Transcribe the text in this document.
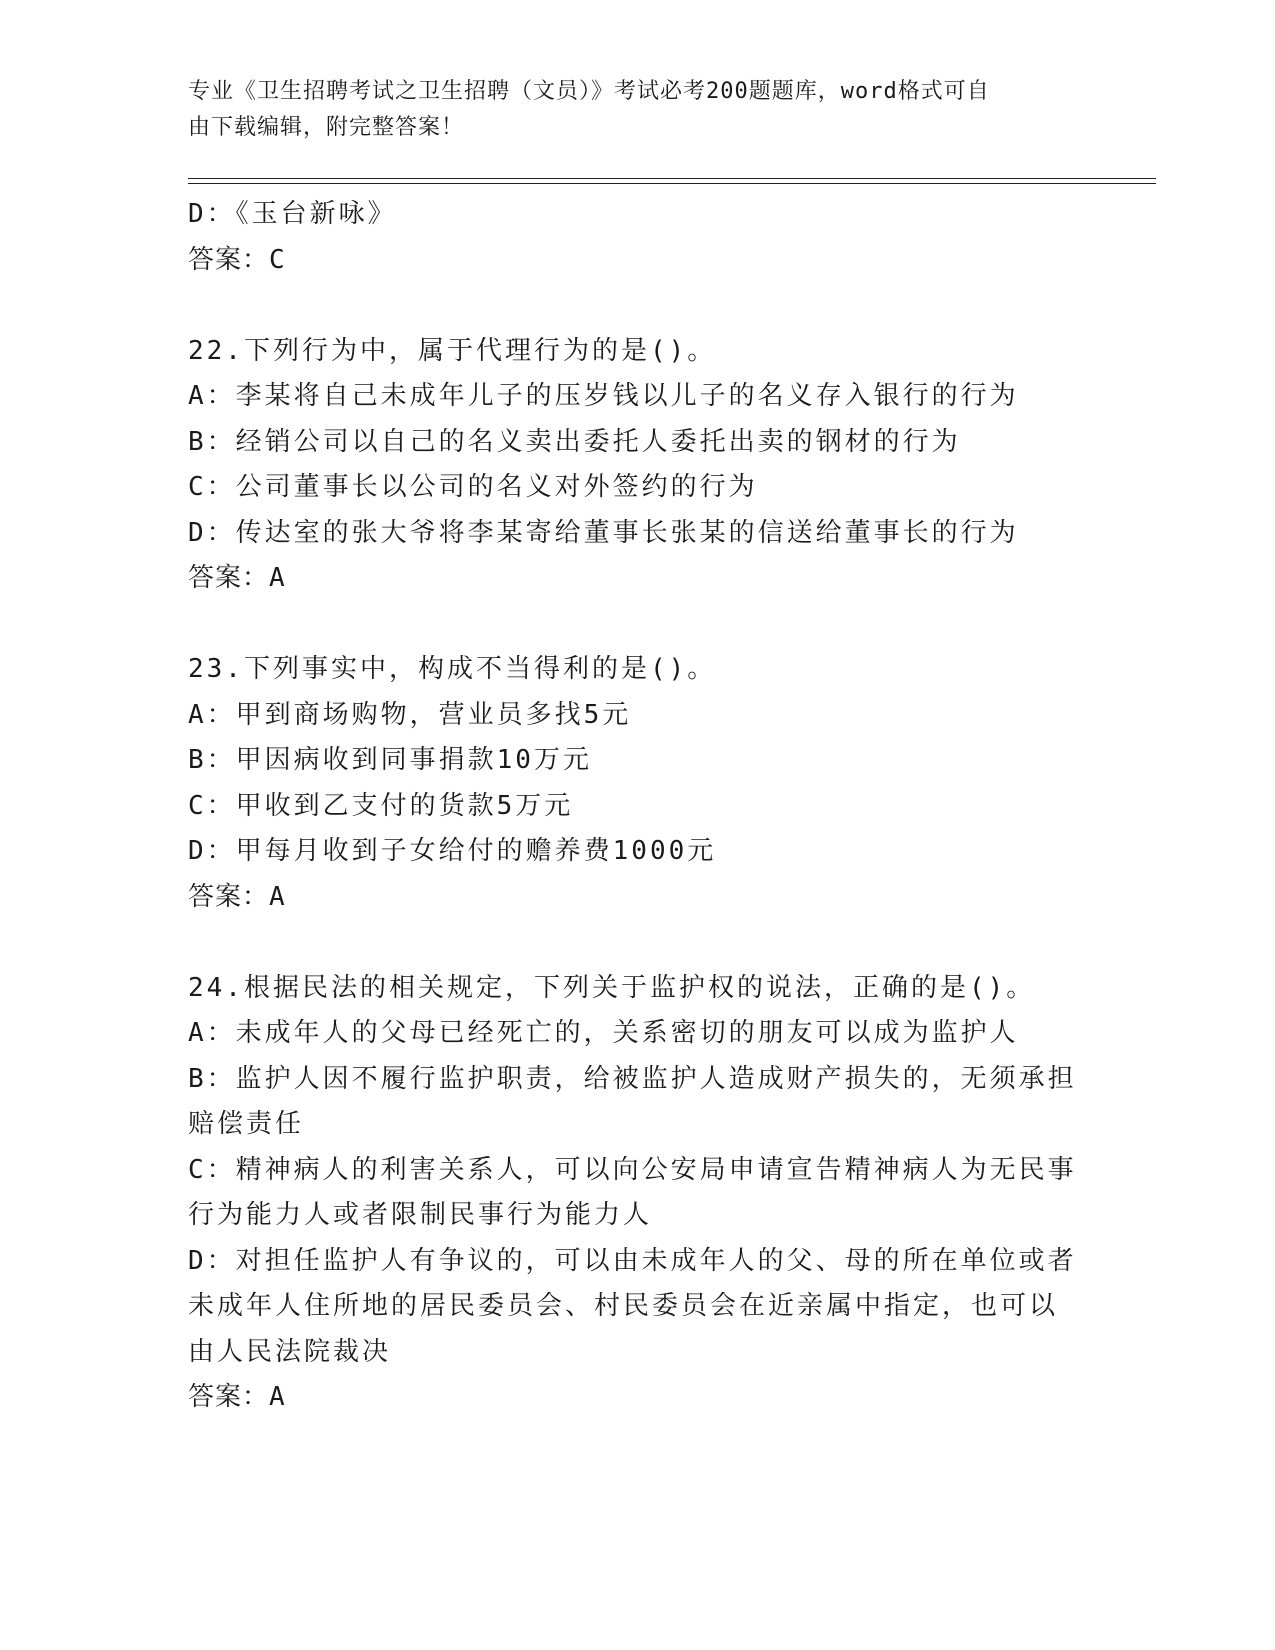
专业《卫生招聘考试之卫生招聘（文员）》考试必考200题题库，word格式可自
由下载编辑，附完整答案！
D：《玉台新咏》
答案：C
22.下列行为中，属于代理行为的是()。
A：李某将自己未成年儿子的压岁钱以儿子的名义存入银行的行为
B：经销公司以自己的名义卖出委托人委托出卖的钢材的行为
C：公司董事长以公司的名义对外签约的行为
D：传达室的张大爷将李某寄给董事长张某的信送给董事长的行为
答案：A
23.下列事实中，构成不当得利的是()。
A：甲到商场购物，营业员多找5元
B：甲因病收到同事捐款10万元
C：甲收到乙支付的货款5万元
D：甲每月收到子女给付的赡养费1000元
答案：A
24.根据民法的相关规定，下列关于监护权的说法，正确的是()。
A：未成年人的父母已经死亡的，关系密切的朋友可以成为监护人
B：监护人因不履行监护职责，给被监护人造成财产损失的，无须承担
赔偿责任
C：精神病人的利害关系人，可以向公安局申请宣告精神病人为无民事
行为能力人或者限制民事行为能力人
D：对担任监护人有争议的，可以由未成年人的父、母的所在单位或者
未成年人住所地的居民委员会、村民委员会在近亲属中指定，也可以
由人民法院裁决
答案：A
